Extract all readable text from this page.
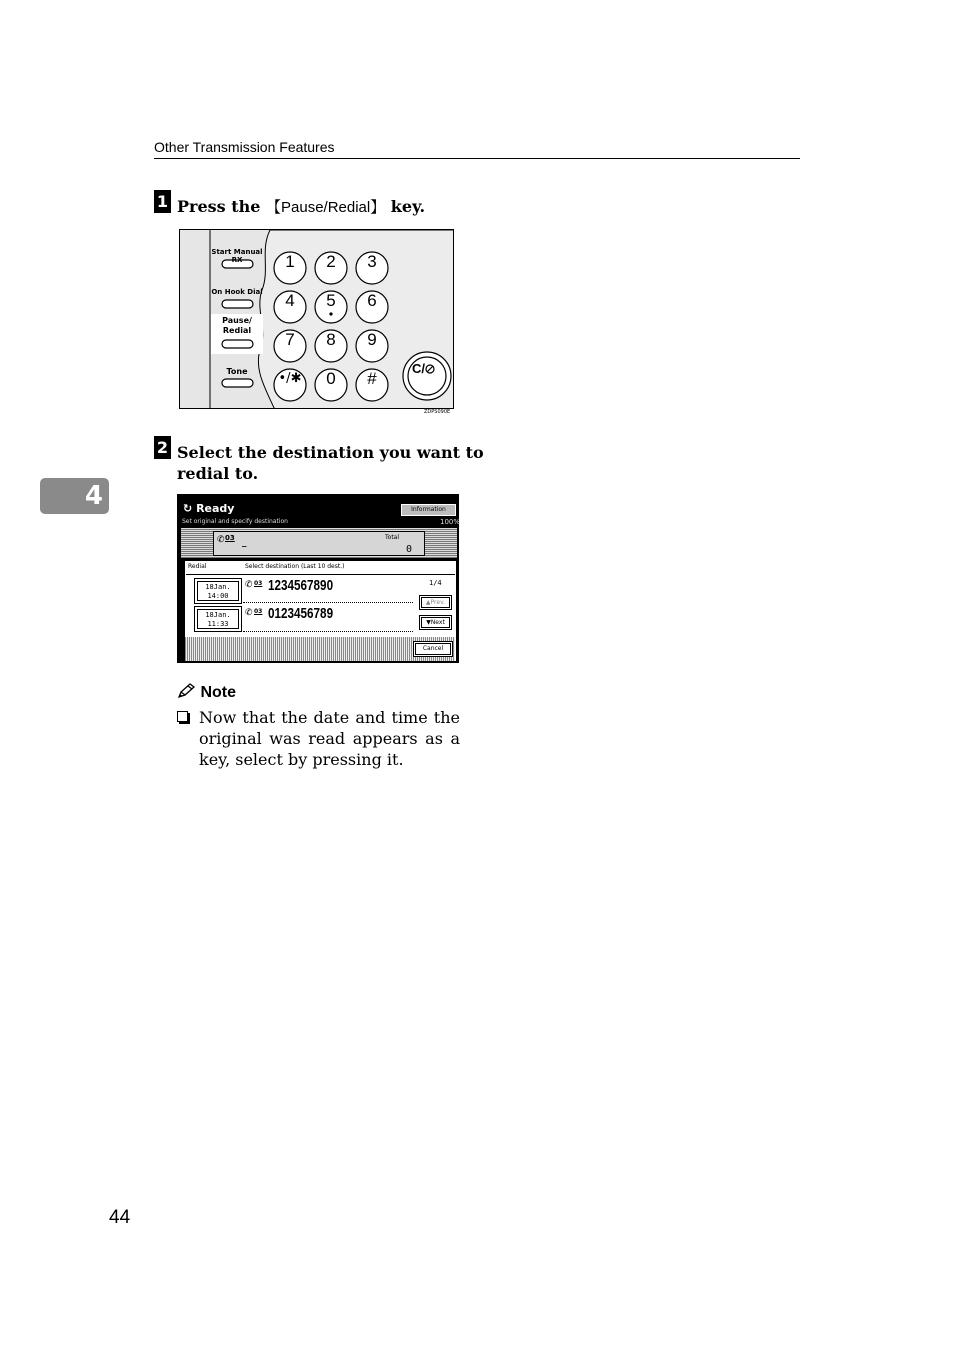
Other Transmission Features
4
1 Press the 【Pause/Redial】 key.
Start Manual RX
On Hook Dial
Pause/
Redial
Tone
1	2	3
4	5	6
7	8	9
•/✱	0	#
C/
ZDPS090E
2 Select the destination you want to
redial to.
↻ Ready	Information
Set original and specify destination	100%
✆ 03 _
Total
0
Redial	Select destination (Last 10 dest.)
18Jan.
14:00
✆ 03 1234567890
18Jan.
11:33
✆ 03 0123456789
1/4
▲Prev.
▼Next
Cancel
Note
Now that the date and time the original was read appears as a key, select by pressing it.
44
